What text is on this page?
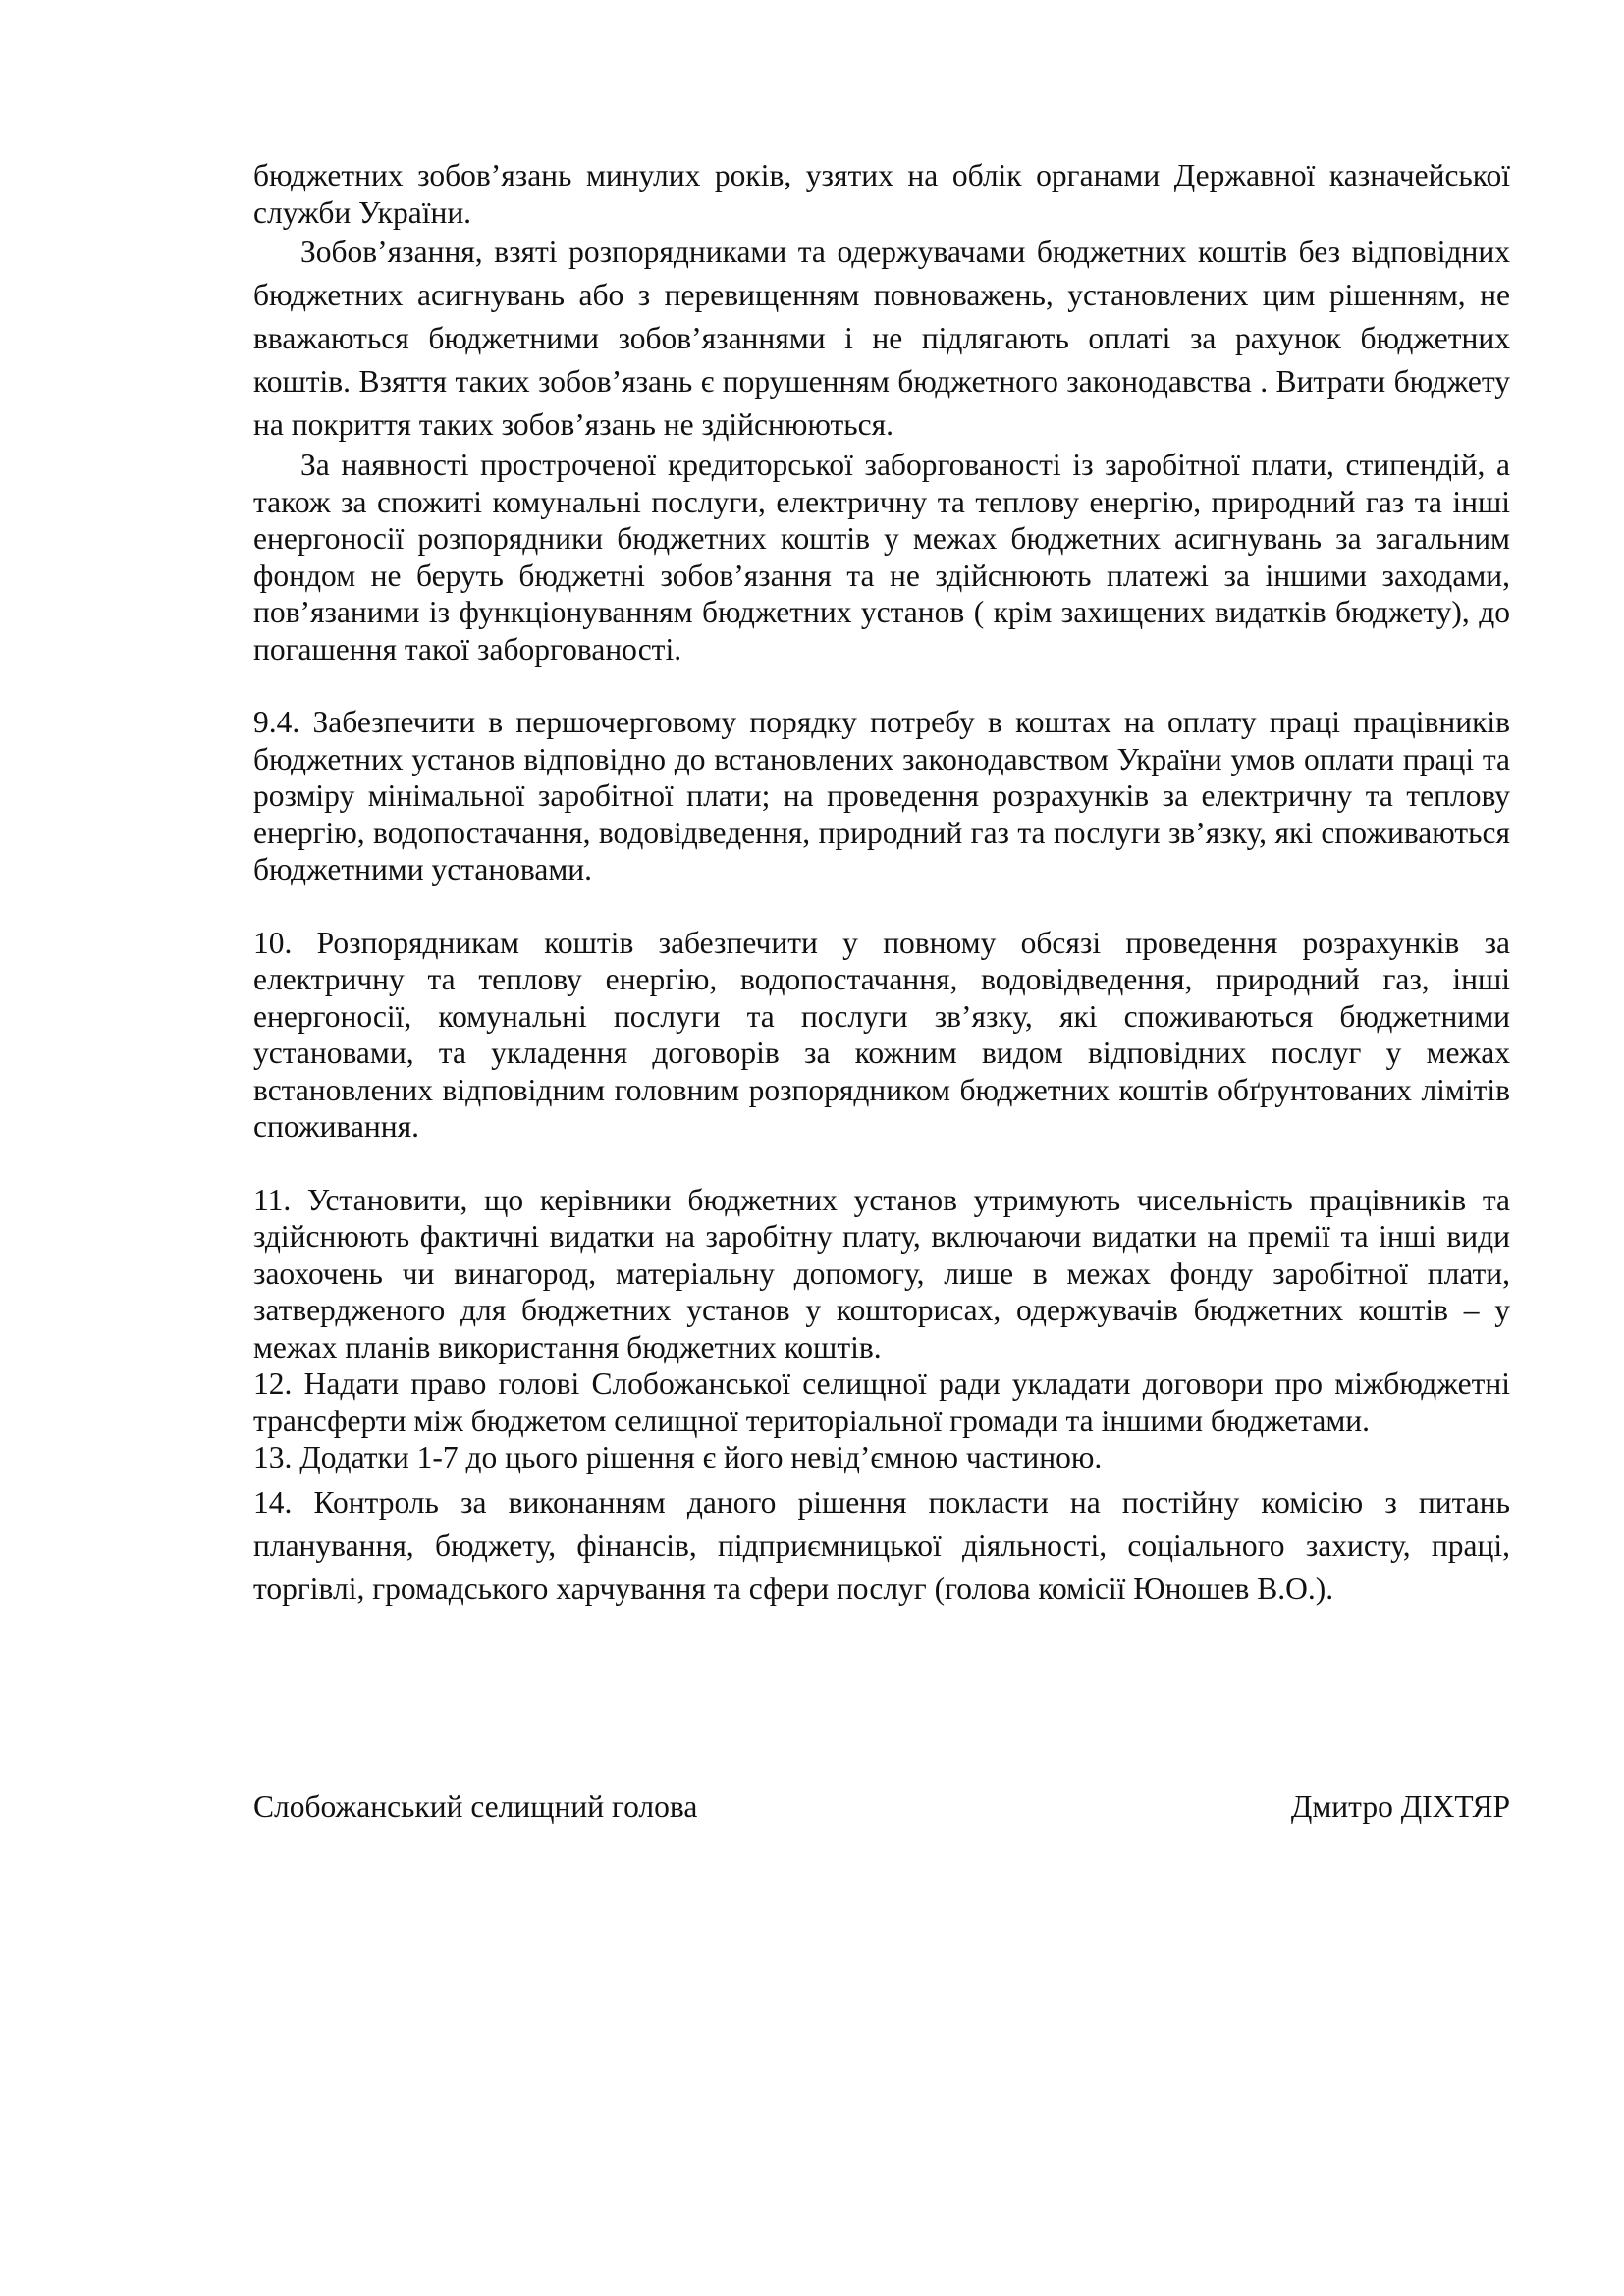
бюджетних зобов’язань минулих років, узятих на облік органами Державної казначейської служби України.

Зобов’язання, взяті розпорядниками та одержувачами бюджетних коштів без відповідних бюджетних асигнувань або з перевищенням повноважень, установлених цим рішенням, не вважаються бюджетними зобов’язаннями і не підлягають оплаті за рахунок бюджетних коштів. Взяття таких зобов’язань є порушенням бюджетного законодавства . Витрати бюджету на покриття таких зобов’язань не здійснюються.

За наявності простроченої кредиторської заборгованості із заробітної плати, стипендій, а також за спожиті комунальні послуги, електричну та теплову енергію, природний газ та інші енергоносії розпорядники бюджетних коштів у межах бюджетних асигнувань за загальним фондом не беруть бюджетні зобов’язання та не здійснюють платежі за іншими заходами, пов’язаними із функціонуванням бюджетних установ ( крім захищених видатків бюджету), до погашення такої заборгованості.

9.4. Забезпечити в першочерговому порядку потребу в коштах на оплату праці працівників бюджетних установ відповідно до встановлених законодавством України умов оплати праці та розміру мінімальної заробітної плати; на проведення розрахунків за електричну та теплову енергію, водопостачання, водовідведення, природний газ та послуги зв’язку, які споживаються бюджетними установами.

10. Розпорядникам коштів забезпечити у повному обсязі проведення розрахунків за електричну та теплову енергію, водопостачання, водовідведення, природний газ, інші енергоносії, комунальні послуги та послуги зв’язку, які споживаються бюджетними установами, та укладення договорів за кожним видом відповідних послуг у межах встановлених відповідним головним розпорядником бюджетних коштів обґрунтованих лімітів споживання.

11. Установити, що керівники бюджетних установ утримують чисельність працівників та здійснюють фактичні видатки на заробітну плату, включаючи видатки на премії та інші види заохочень чи винагород, матеріальну допомогу, лише в межах фонду заробітної плати, затвердженого для бюджетних установ у кошторисах, одержувачів бюджетних коштів – у межах планів використання бюджетних коштів.

12. Надати право голові Слобожанської селищної ради укладати договори про міжбюджетні трансферти між бюджетом селищної територіальної громади та іншими бюджетами.

13. Додатки 1-7 до цього рішення є його невід’ємною частиною.

14. Контроль за виконанням даного рішення покласти на постійну комісію з питань планування, бюджету, фінансів, підприємницької діяльності, соціального захисту, праці, торгівлі, громадського харчування та сфери послуг (голова комісії Юношев В.О.).

Слобожанський селищний голова	Дмитро ДІХТЯР
